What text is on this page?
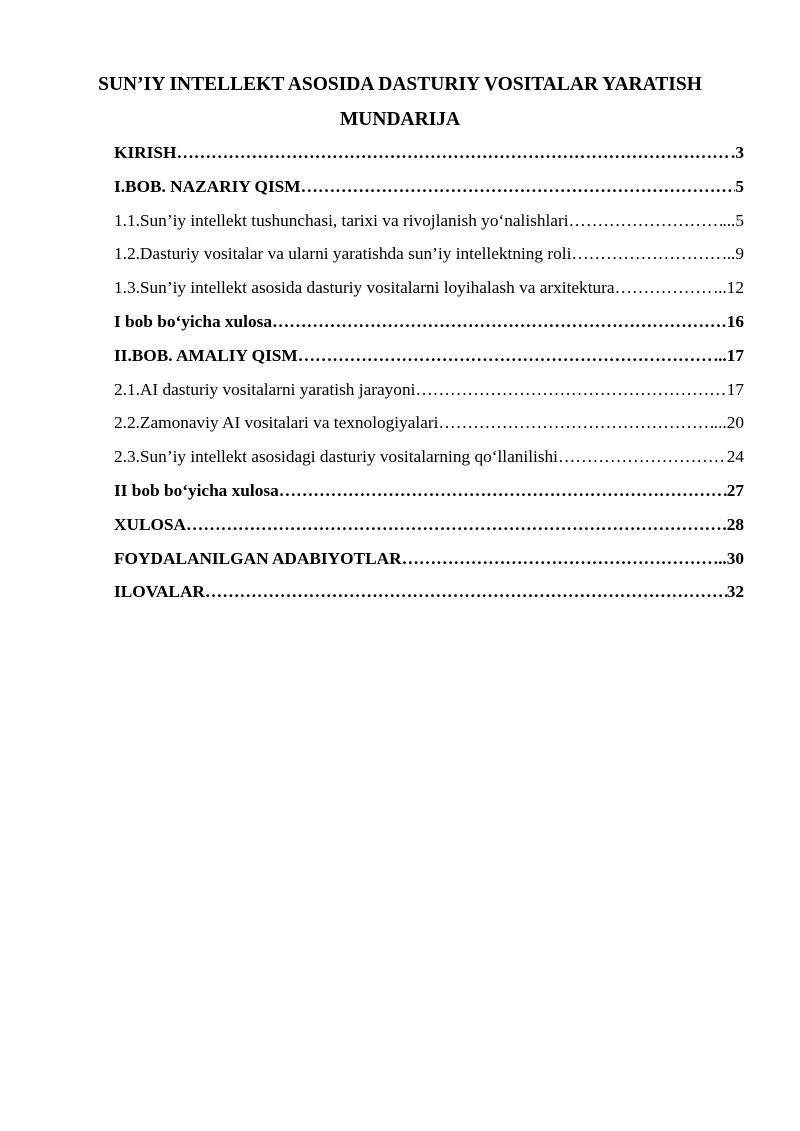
SUN’IY INTELLEKT ASOSIDA DASTURIY VOSITALAR YARATISH
MUNDARIJA
KIRISH ……………………………………………………………………………………………………………………………………………………	.3
I.BOB. NAZARIY QISM ……………………………………………………………………………………………………………………………………………………	5
1.1.Sun’iy intellekt tushunchasi, tarixi va rivojlanish yo‘nalishlari ……………………………………………………………………………………………………………………………………………………	...5
1.2.Dasturiy vositalar va ularni yaratishda sun’iy intellektning roli ……………………………………………………………………………………………………………………………………………………	...9
1.3.Sun’iy intellekt asosida dasturiy vositalarni loyihalash va arxitektura ……………………………………………………………………………………………………………………………………………………	...12
I bob bo‘yicha xulosa ……………………………………………………………………………………………………………………………………………………	16
II.BOB. AMALIY QISM ……………………………………………………………………………………………………………………………………………………	...17
2.1.AI dasturiy vositalarni yaratish jarayoni ……………………………………………………………………………………………………………………………………………………	17
2.2.Zamonaviy AI vositalari va texnologiyalari ……………………………………………………………………………………………………………………………………………………	...20
2.3.Sun’iy intellekt asosidagi dasturiy vositalarning qo‘llanilishi ……………………………………………………………………………………………………………………………………………………	24
II bob bo‘yicha xulosa ……………………………………………………………………………………………………………………………………………………	27
XULOSA ……………………………………………………………………………………………………………………………………………………	28
FOYDALANILGAN ADABIYOTLAR ……………………………………………………………………………………………………………………………………………………	...30
ILOVALAR ……………………………………………………………………………………………………………………………………………………	32
